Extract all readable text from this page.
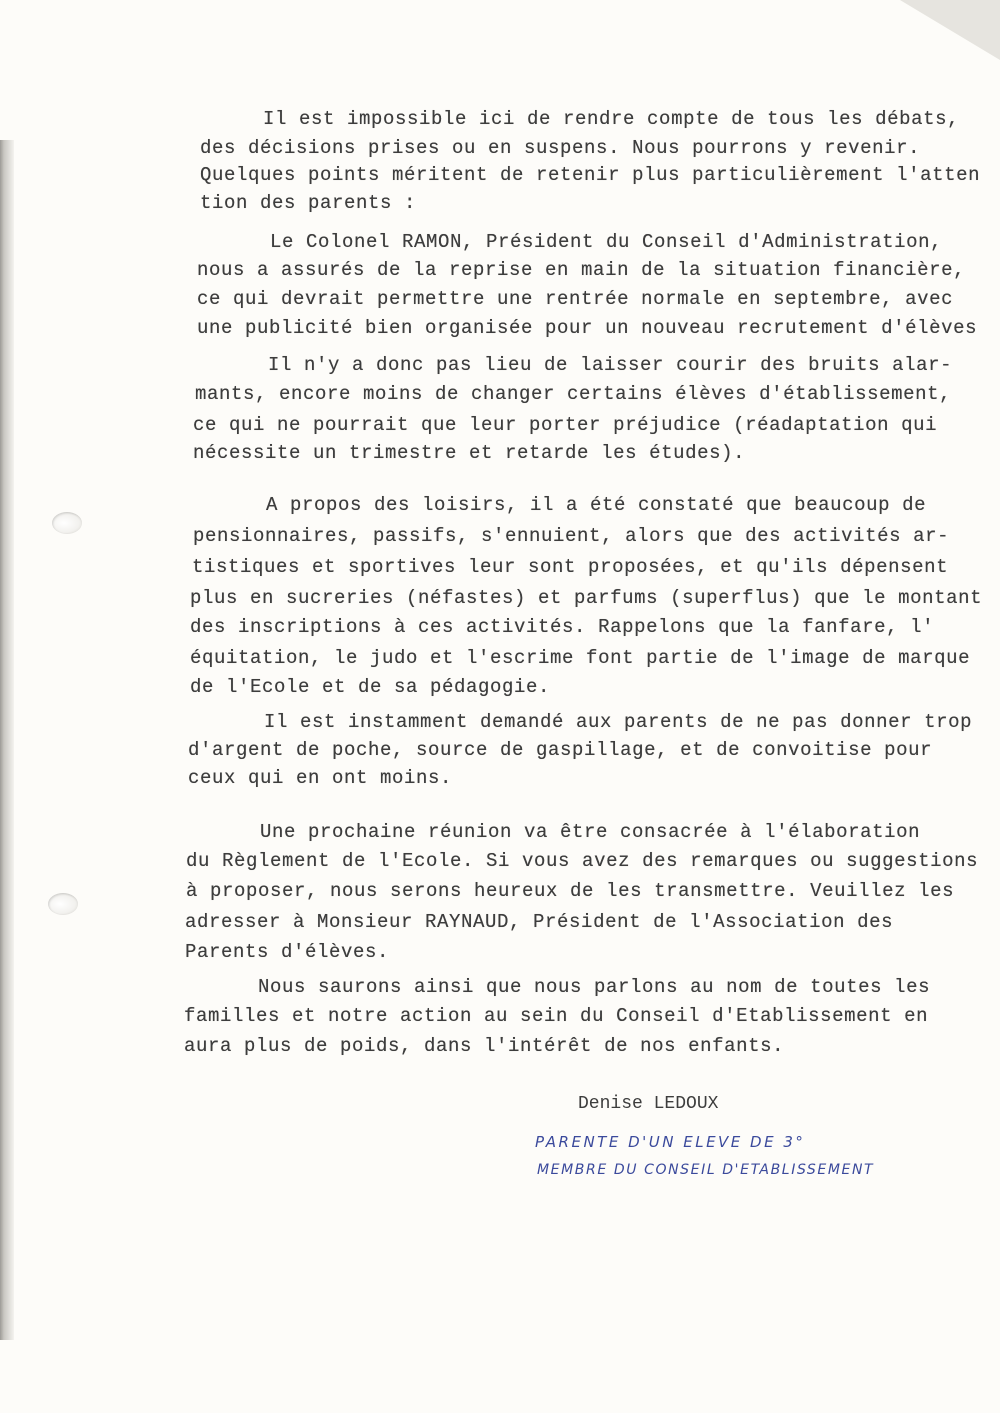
Il est impossible ici de rendre compte de tous les débats,

des décisions prises ou en suspens. Nous pourrons y revenir.

Quelques points méritent de retenir plus particulièrement l'atten

tion des parents :

Le Colonel RAMON, Président du Conseil d'Administration,

nous a assurés de la reprise en main de la situation financière,

ce qui devrait permettre une rentrée normale en septembre, avec

une publicité bien organisée pour un nouveau recrutement d'élèves

Il n'y a donc pas lieu de laisser courir des bruits alar-

mants, encore moins de changer certains élèves d'établissement,

ce qui ne pourrait que leur porter préjudice (réadaptation qui

nécessite un trimestre et retarde les études).

A propos des loisirs, il a été constaté que beaucoup de

pensionnaires, passifs, s'ennuient, alors que des activités ar-

tistiques et sportives leur sont proposées, et qu'ils dépensent

plus en sucreries (néfastes) et parfums (superflus) que le montant

des inscriptions à ces activités. Rappelons que la fanfare, l'

équitation, le judo et l'escrime font partie de l'image de marque

de l'Ecole et de sa pédagogie.

Il est instamment demandé aux parents de ne pas donner trop

d'argent de poche, source de gaspillage, et de convoitise pour

ceux qui en ont moins.

Une prochaine réunion va être consacrée à l'élaboration

du Règlement de l'Ecole. Si vous avez des remarques ou suggestions

à proposer, nous serons heureux de les transmettre. Veuillez les

adresser à Monsieur RAYNAUD, Président de l'Association des

Parents d'élèves.

Nous saurons ainsi que nous parlons au nom de toutes les

familles et notre action au sein du Conseil d'Etablissement en

aura plus de poids, dans l'intérêt de nos enfants.

Denise LEDOUX

PARENTE D'UN ELEVE DE 3°

MEMBRE DU CONSEIL D'ETABLISSEMENT
